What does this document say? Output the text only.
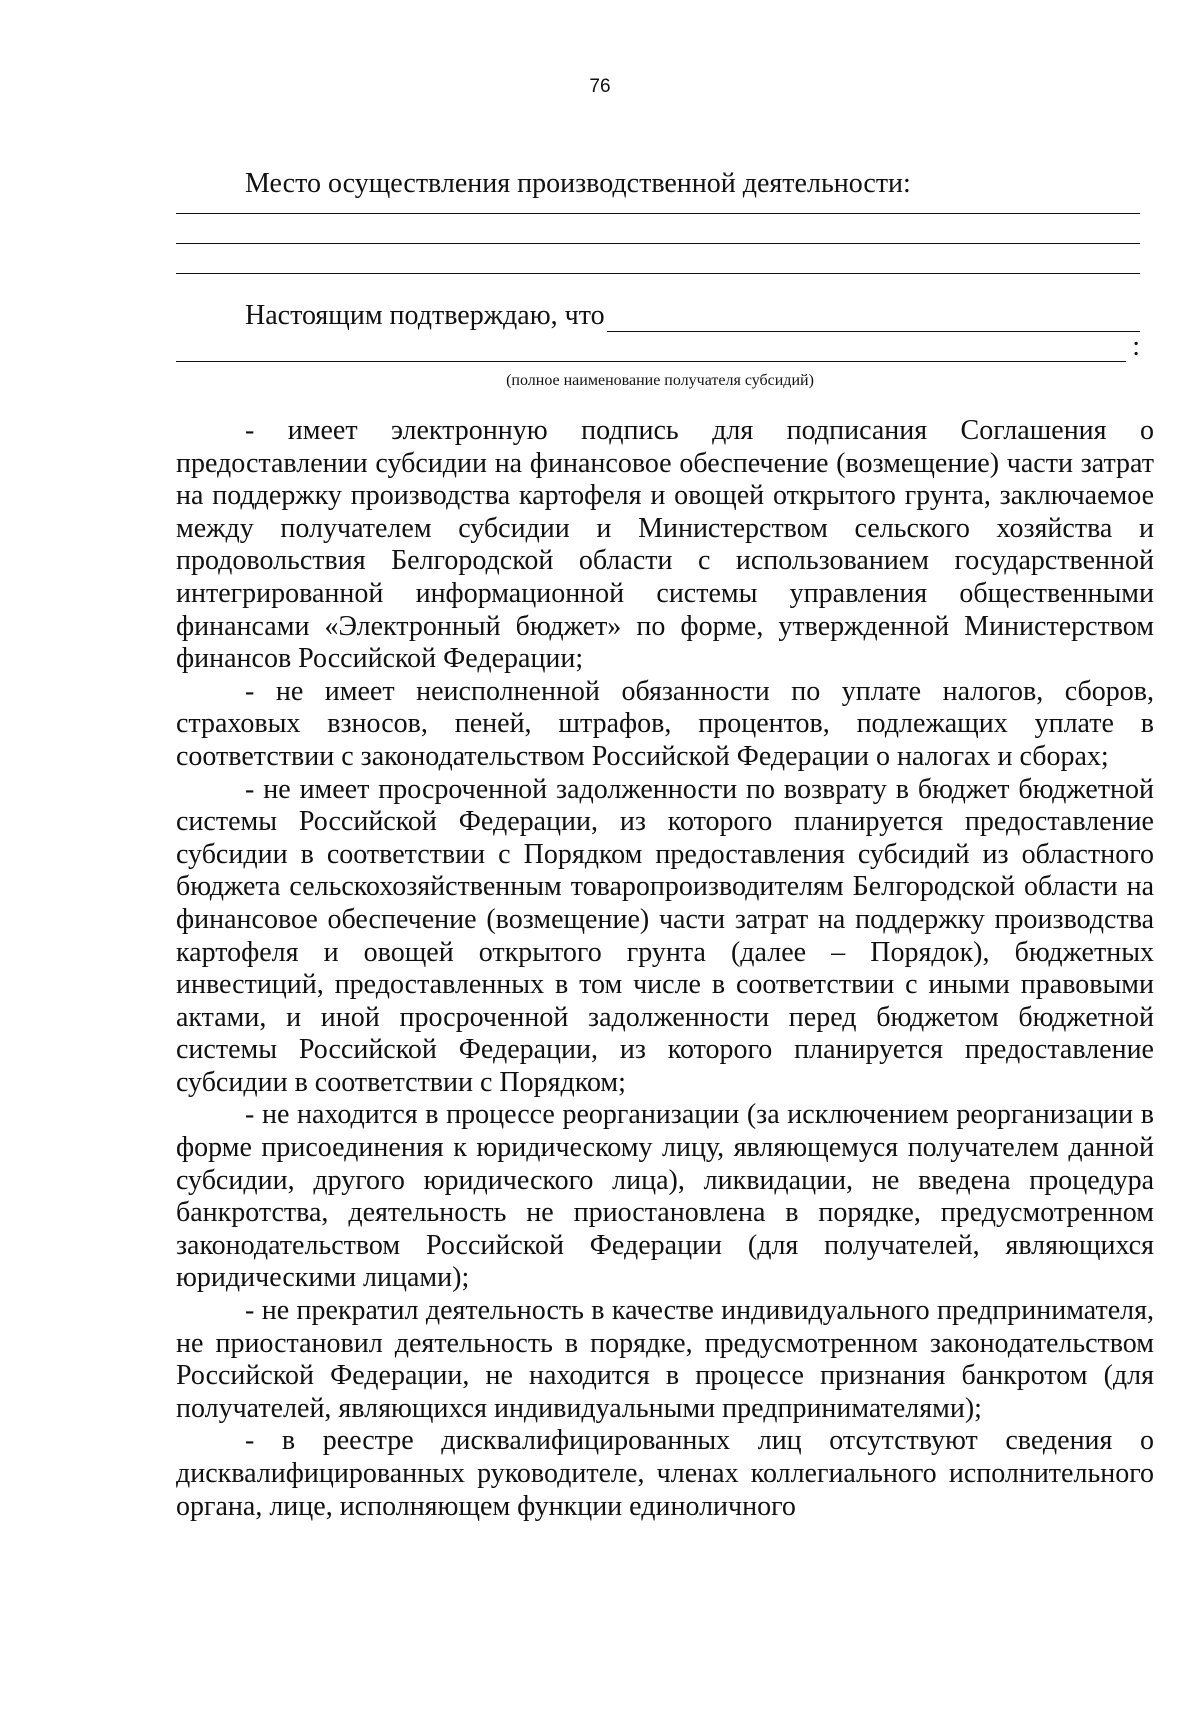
76
Место осуществления производственной деятельности:
Настоящим подтверждаю, что
:
(полное наименование получателя субсидий)

- имеет электронную подпись для подписания Соглашения о предоставлении субсидии на финансовое обеспечение (возмещение) части затрат на поддержку производства картофеля и овощей открытого грунта, заключаемое между получателем субсидии и Министерством сельского хозяйства и продовольствия Белгородской области с использованием государственной интегрированной информационной системы управления общественными финансами «Электронный бюджет» по форме, утвержденной Министерством финансов Российской Федерации;

- не имеет неисполненной обязанности по уплате налогов, сборов, страховых взносов, пеней, штрафов, процентов, подлежащих уплате в соответствии с законодательством Российской Федерации о налогах и сборах;

- не имеет просроченной задолженности по возврату в бюджет бюджетной системы Российской Федерации, из которого планируется предоставление субсидии в соответствии с Порядком предоставления субсидий из областного бюджета сельскохозяйственным товаропроизводителям Белгородской области на финансовое обеспечение (возмещение) части затрат на поддержку производства картофеля и овощей открытого грунта (далее – Порядок), бюджетных инвестиций, предоставленных в том числе в соответствии с иными правовыми актами, и иной просроченной задолженности перед бюджетом бюджетной системы Российской Федерации, из которого планируется предоставление субсидии в соответствии с Порядком;

- не находится в процессе реорганизации (за исключением реорганизации в форме присоединения к юридическому лицу, являющемуся получателем данной субсидии, другого юридического лица), ликвидации, не введена процедура банкротства, деятельность не приостановлена в порядке, предусмотренном законодательством Российской Федерации (для получателей, являющихся юридическими лицами);

- не прекратил деятельность в качестве индивидуального предпринимателя, не приостановил деятельность в порядке, предусмотренном законодательством Российской Федерации, не находится в процессе признания банкротом (для получателей, являющихся индивидуальными предпринимателями);

- в реестре дисквалифицированных лиц отсутствуют сведения о дисквалифицированных руководителе, членах коллегиального исполнительного органа, лице, исполняющем функции единоличного
